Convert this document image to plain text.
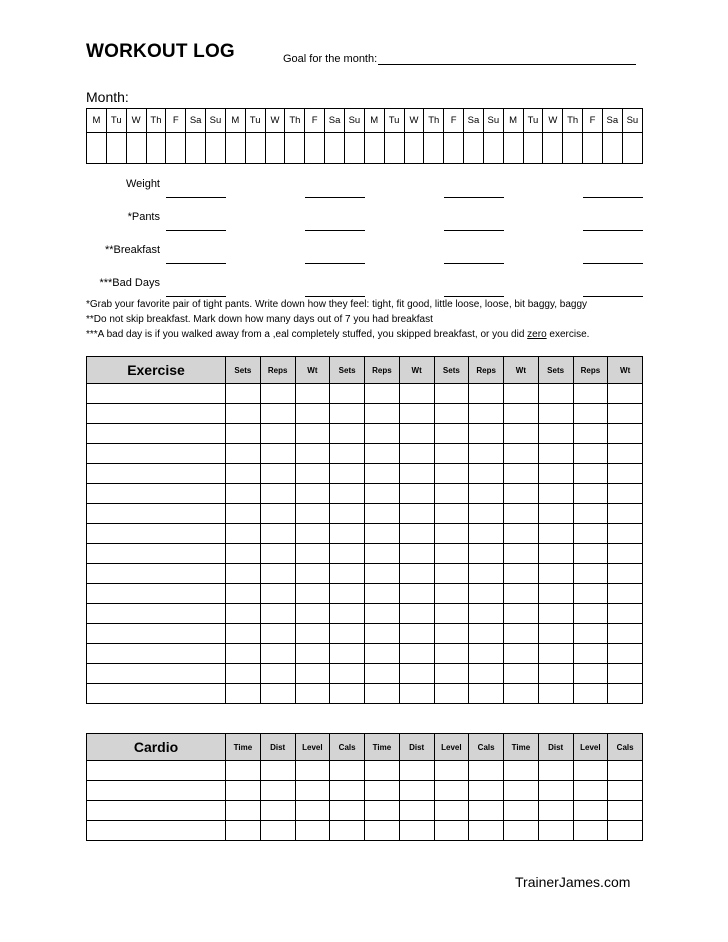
WORKOUT LOG	Goal for the month:
Month:
M	Tu	W	Th	F	Sa	Su	M	Tu	W	Th	F	Sa	Su	M	Tu	W	Th	F	Sa	Su	M	Tu	W	Th	F	Sa	Su

Weight
*Pants
**Breakfast
***Bad Days
*Grab your favorite pair of tight pants. Write down how they feel: tight, fit good, little loose, loose, bit baggy, baggy
**Do not skip breakfast. Mark down how many days out of 7 you had breakfast
***A bad day is if you walked away from a ,eal completely stuffed, you skipped breakfast, or you did zero exercise.
Exercise	Sets	Reps	Wt	Sets	Reps	Wt	Sets	Reps	Wt	Sets	Reps	Wt

Cardio	Time	Dist	Level	Cals	Time	Dist	Level	Cals	Time	Dist	Level	Cals

TrainerJames.com
